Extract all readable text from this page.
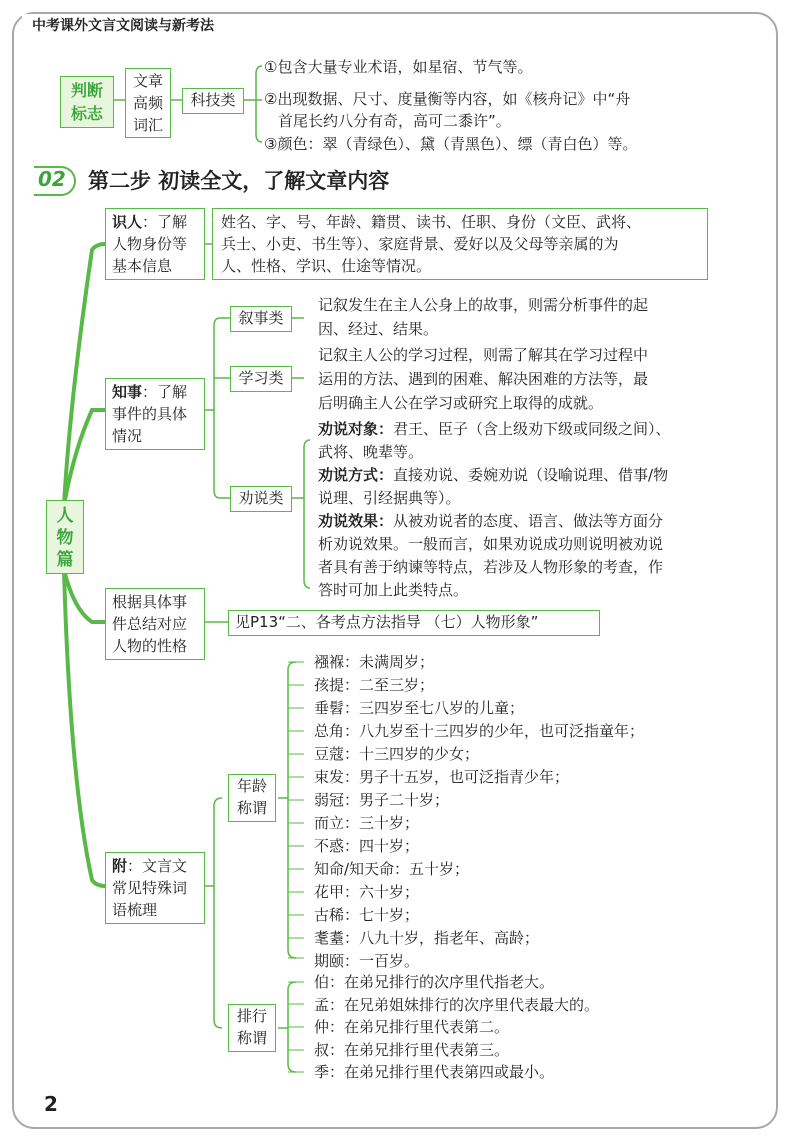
中考课外文言文阅读与新考法
判断
标志
文章
高频
词汇
科技类
①包含大量专业术语，如星宿、节气等。
②出现数据、尺寸、度量衡等内容，如《核舟记》中“舟
首尾长约八分有奇，高可二黍许”。
③颜色：翠（青绿色）、黛（青黑色）、缥（青白色）等。
02 第二步 初读全文，了解文章内容
人
物
篇
识人：了解
人物身份等
基本信息
姓名、字、号、年龄、籍贯、读书、任职、身份（文臣、武将、
兵士、小吏、书生等）、家庭背景、爱好以及父母等亲属的为
人、性格、学识、仕途等情况。
知事：了解
事件的具体
情况
叙事类
记叙发生在主人公身上的故事，则需分析事件的起
因、经过、结果。
学习类
记叙主人公的学习过程，则需了解其在学习过程中
运用的方法、遇到的困难、解决困难的方法等，最
后明确主人公在学习或研究上取得的成就。
劝说类
劝说对象：君王、臣子（含上级劝下级或同级之间）、
武将、晚辈等。
劝说方式：直接劝说、委婉劝说（设喻说理、借事/物
说理、引经据典等）。
劝说效果：从被劝说者的态度、语言、做法等方面分
析劝说效果。一般而言，如果劝说成功则说明被劝说
者具有善于纳谏等特点，若涉及人物形象的考查，作
答时可加上此类特点。
根据具体事
件总结对应
人物的性格
见P13“二、各考点方法指导 （七）人物形象”
附：文言文
常见特殊词
语梳理
年龄
称谓
襁褓：未满周岁；
孩提：二至三岁；
垂髫：三四岁至七八岁的儿童；
总角：八九岁至十三四岁的少年，也可泛指童年；
豆蔻：十三四岁的少女；
束发：男子十五岁，也可泛指青少年；
弱冠：男子二十岁；
而立：三十岁；
不惑：四十岁；
知命/知天命：五十岁；
花甲：六十岁；
古稀：七十岁；
耄耋：八九十岁，指老年、高龄；
期颐：一百岁。
排行
称谓
伯：在弟兄排行的次序里代指老大。
孟：在兄弟姐妹排行的次序里代表最大的。
仲：在弟兄排行里代表第二。
叔：在弟兄排行里代表第三。
季：在弟兄排行里代表第四或最小。
2
